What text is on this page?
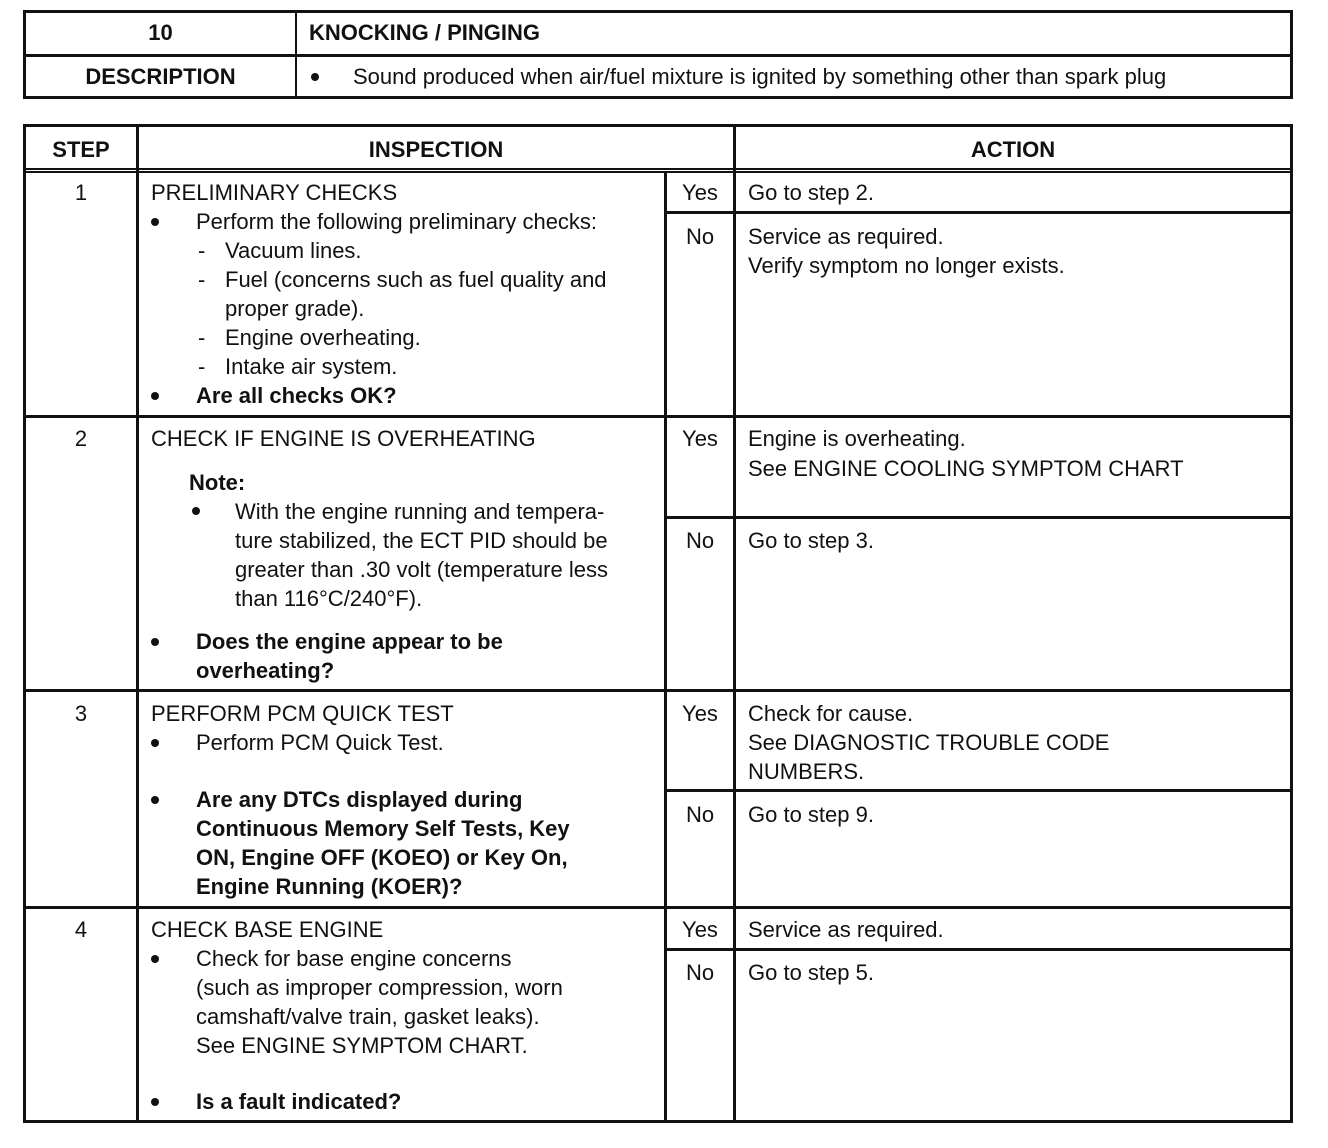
10	KNOCKING / PINGING
DESCRIPTION	Sound produced when air/fuel mixture is ignited by something other than spark plug
STEP	INSPECTION	ACTION
1	PRELIMINARY CHECKS
Perform the following preliminary checks:
- Vacuum lines.
- Fuel (concerns such as fuel quality and
proper grade).
- Engine overheating.
- Intake air system.
Are all checks OK?
Yes	Go to step 2.
No	Service as required.
Verify symptom no longer exists.
2	CHECK IF ENGINE IS OVERHEATING
Note:
With the engine running and tempera-
ture stabilized, the ECT PID should be
greater than .30 volt (temperature less
than 116°C/240°F).
Does the engine appear to be
overheating?
Yes	Engine is overheating.
See ENGINE COOLING SYMPTOM CHART
No	Go to step 3.
3	PERFORM PCM QUICK TEST
Perform PCM Quick Test.
Are any DTCs displayed during
Continuous Memory Self Tests, Key
ON, Engine OFF (KOEO) or Key On,
Engine Running (KOER)?
Yes	Check for cause.
See DIAGNOSTIC TROUBLE CODE
NUMBERS.
No	Go to step 9.
4	CHECK BASE ENGINE
Check for base engine concerns
(such as improper compression, worn
camshaft/valve train, gasket leaks).
See ENGINE SYMPTOM CHART.
Is a fault indicated?
Yes	Service as required.
No	Go to step 5.
